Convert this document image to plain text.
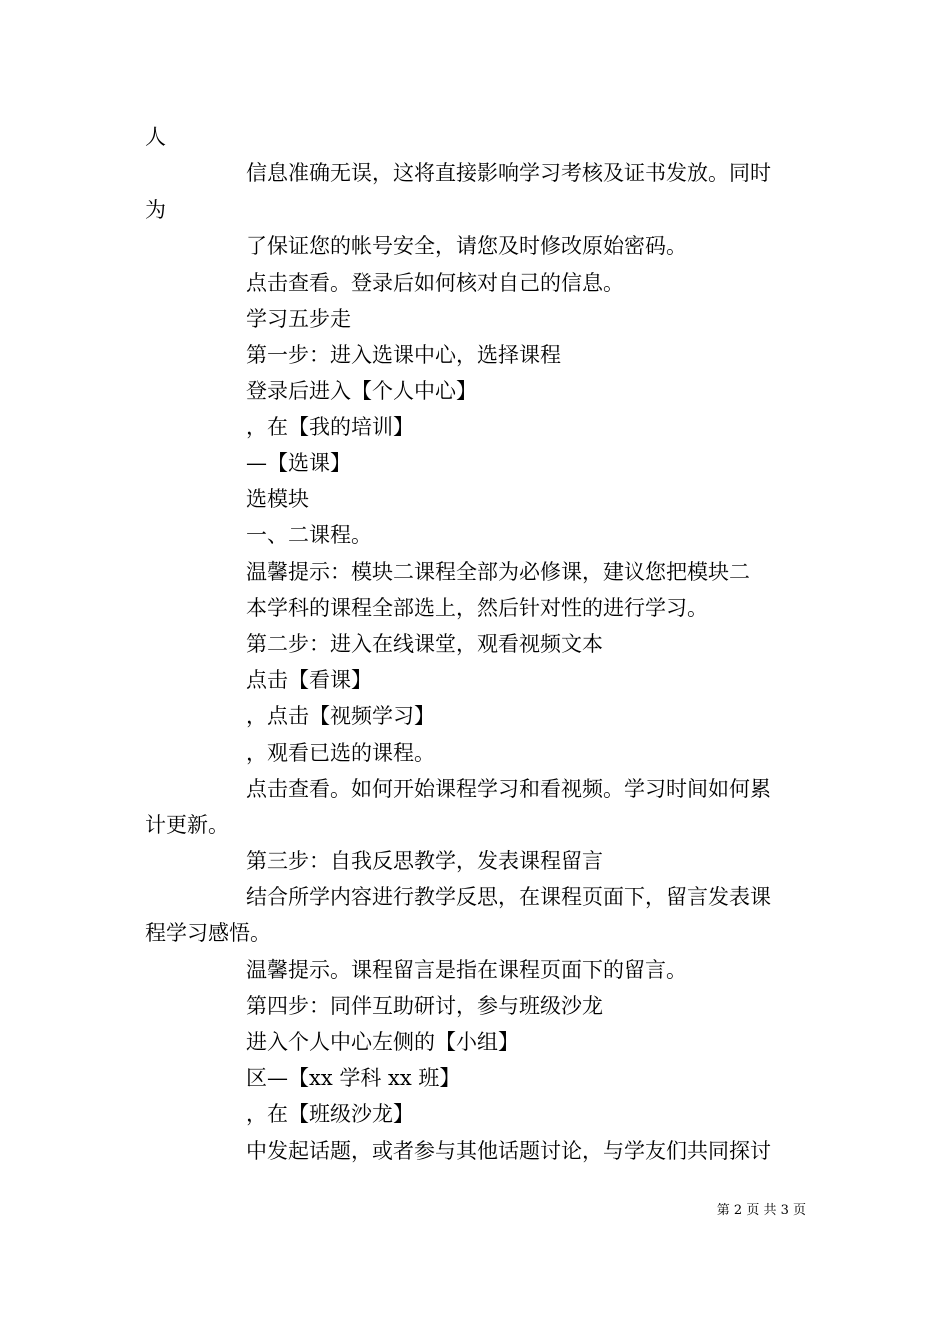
人
信息准确无误，这将直接影响学习考核及证书发放。同时
为
了保证您的帐号安全，请您及时修改原始密码。
点击查看。登录后如何核对自己的信息。
学习五步走
第一步：进入选课中心，选择课程
登录后进入【个人中心】
，在【我的培训】
—【选课】
选模块
一、二课程。
温馨提示：模块二课程全部为必修课，建议您把模块二
本学科的课程全部选上，然后针对性的进行学习。
第二步：进入在线课堂，观看视频文本
点击【看课】
，点击【视频学习】
，观看已选的课程。
点击查看。如何开始课程学习和看视频。学习时间如何累
计更新。
第三步：自我反思教学，发表课程留言
结合所学内容进行教学反思，在课程页面下，留言发表课
程学习感悟。
温馨提示。课程留言是指在课程页面下的留言。
第四步：同伴互助研讨，参与班级沙龙
进入个人中心左侧的【小组】
区—【xx 学科 xx 班】
，在【班级沙龙】
中发起话题，或者参与其他话题讨论，与学友们共同探讨
第 2 页 共 3 页
